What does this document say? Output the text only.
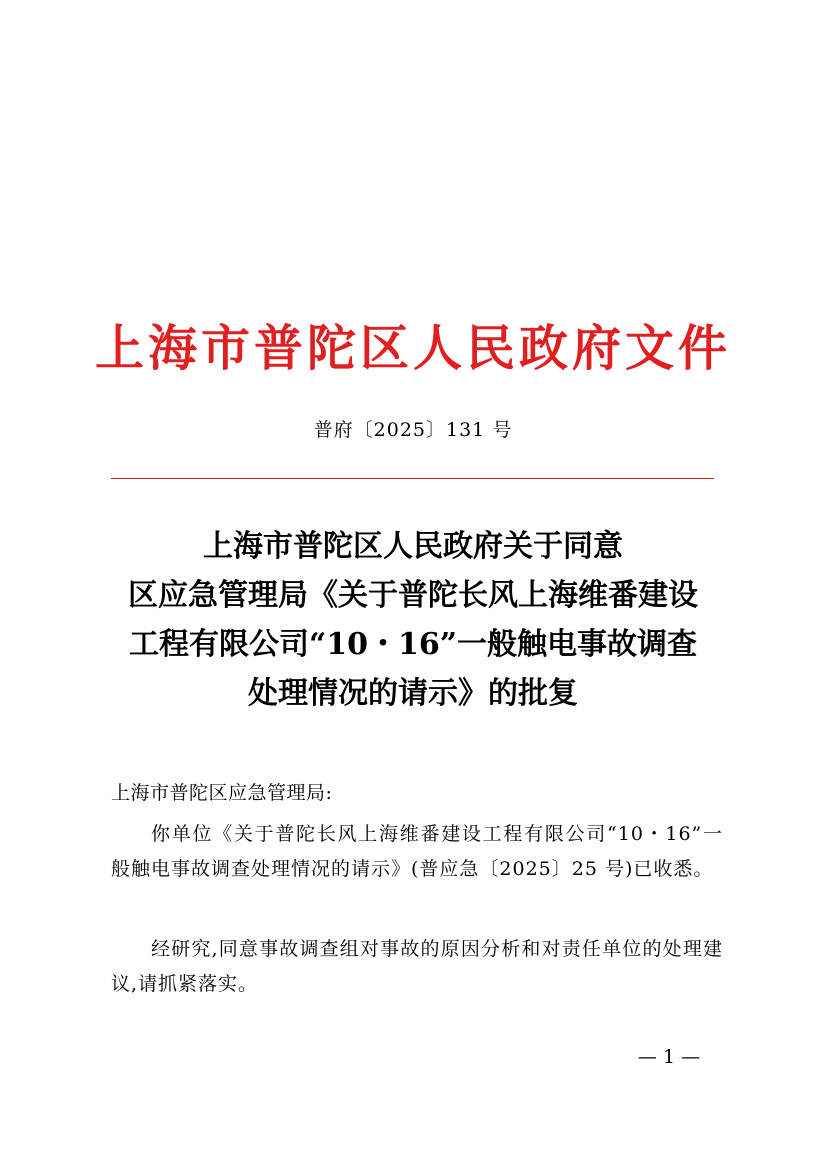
上海市普陀区人民政府文件
普府〔2025〕131 号
上海市普陀区人民政府关于同意
区应急管理局《关于普陀长风上海维番建设
工程有限公司“10・16”一般触电事故调查
处理情况的请示》的批复
上海市普陀区应急管理局:
你单位《关于普陀长风上海维番建设工程有限公司“10・16”一般触电事故调查处理情况的请示》(普应急〔2025〕25 号)已收悉。
经研究,同意事故调查组对事故的原因分析和对责任单位的处理建议,请抓紧落实。
— 1 —
